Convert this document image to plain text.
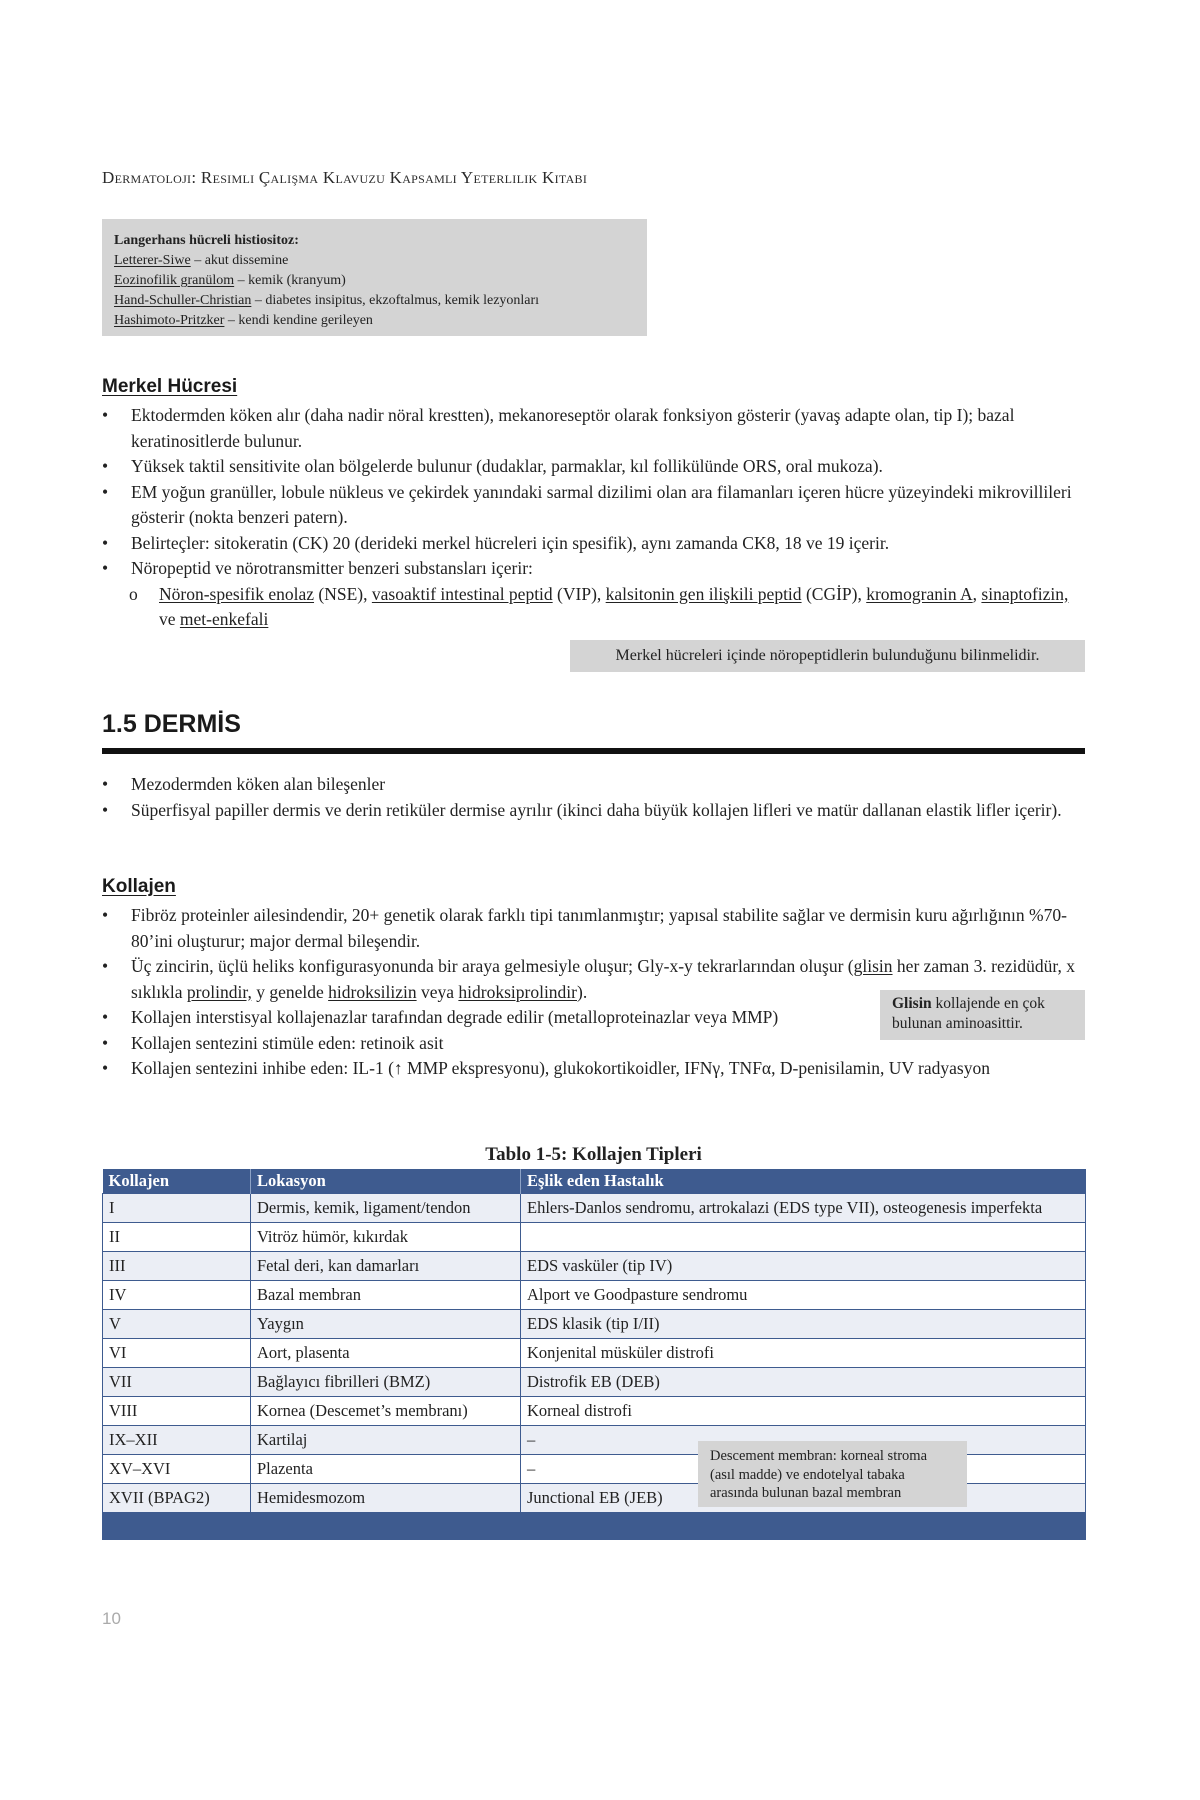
Dermatoloji: Resimli Çalışma Klavuzu Kapsamlı Yeterlilik Kitabı
Langerhans hücreli histiositoz:
Letterer-Siwe – akut dissemine
Eozinofilik granülom – kemik (kranyum)
Hand-Schuller-Christian – diabetes insipitus, ekzoftalmus, kemik lezyonları
Hashimoto-Pritzker – kendi kendine gerileyen
Merkel Hücresi
• Ektodermden köken alır (daha nadir nöral krestten), mekanoreseptör olarak fonksiyon gösterir (yavaş adapte olan, tip I); bazal keratinositlerde bulunur.
• Yüksek taktil sensitivite olan bölgelerde bulunur (dudaklar, parmaklar, kıl follikülünde ORS, oral mukoza).
• EM yoğun granüller, lobule nükleus ve çekirdek yanındaki sarmal dizilimi olan ara filamanları içeren hücre yüzeyindeki mikrovillileri gösterir (nokta benzeri patern).
• Belirteçler: sitokeratin (CK) 20 (derideki merkel hücreleri için spesifik), aynı zamanda CK8, 18 ve 19 içerir.
• Nöropeptid ve nörotransmitter benzeri substansları içerir:
o Nöron-spesifik enolaz (NSE), vasoaktif intestinal peptid (VIP), kalsitonin gen ilişkili peptid (CGİP), kromogranin A, sinaptofizin, ve met-enkefali
Merkel hücreleri içinde nöropeptidlerin bulunduğunu bilinmelidir.
1.5 DERMİS
• Mezodermden köken alan bileşenler
• Süperfisyal papiller dermis ve derin retiküler dermise ayrılır (ikinci daha büyük kollajen lifleri ve matür dallanan elastik lifler içerir).
Kollajen
• Fibröz proteinler ailesindendir, 20+ genetik olarak farklı tipi tanımlanmıştır; yapısal stabilite sağlar ve dermisin kuru ağırlığının %70-80’ini oluşturur; major dermal bileşendir.
• Üç zincirin, üçlü heliks konfigurasyonunda bir araya gelmesiyle oluşur; Gly-x-y tekrarlarından oluşur (glisin her zaman 3. rezidüdür, x sıklıkla prolindir, y genelde hidroksilizin veya hidroksiprolindir).
• Kollajen interstisyal kollajenazlar tarafından degrade edilir (metalloproteinazlar veya MMP)
• Kollajen sentezini stimüle eden: retinoik asit
• Kollajen sentezini inhibe eden: IL-1 (↑ MMP ekspresyonu), glukokortikoidler, IFNγ, TNFα, D-penisilamin, UV radyasyon
Glisin kollajende en çok bulunan aminoasittir.
Tablo 1-5: Kollajen Tipleri
Kollajen	Lokasyon	Eşlik eden Hastalık
I	Dermis, kemik, ligament/tendon	Ehlers-Danlos sendromu, artrokalazi (EDS type VII), osteogenesis imperfekta
II	Vitröz hümör, kıkırdak	
III	Fetal deri, kan damarları	EDS vasküler (tip IV)
IV	Bazal membran	Alport ve Goodpasture sendromu
V	Yaygın	EDS klasik (tip I/II)
VI	Aort, plasenta	Konjenital müsküler distrofi
VII	Bağlayıcı fibrilleri (BMZ)	Distrofik EB (DEB)
VIII	Kornea (Descemet’s membranı)	Korneal distrofi
IX–XII	Kartilaj	–
XV–XVI	Plazenta	–
XVII (BPAG2)	Hemidesmozom	Junctional EB (JEB)

Descement membran: korneal stroma (asıl madde) ve endotelyal tabaka arasında bulunan bazal membran
10
